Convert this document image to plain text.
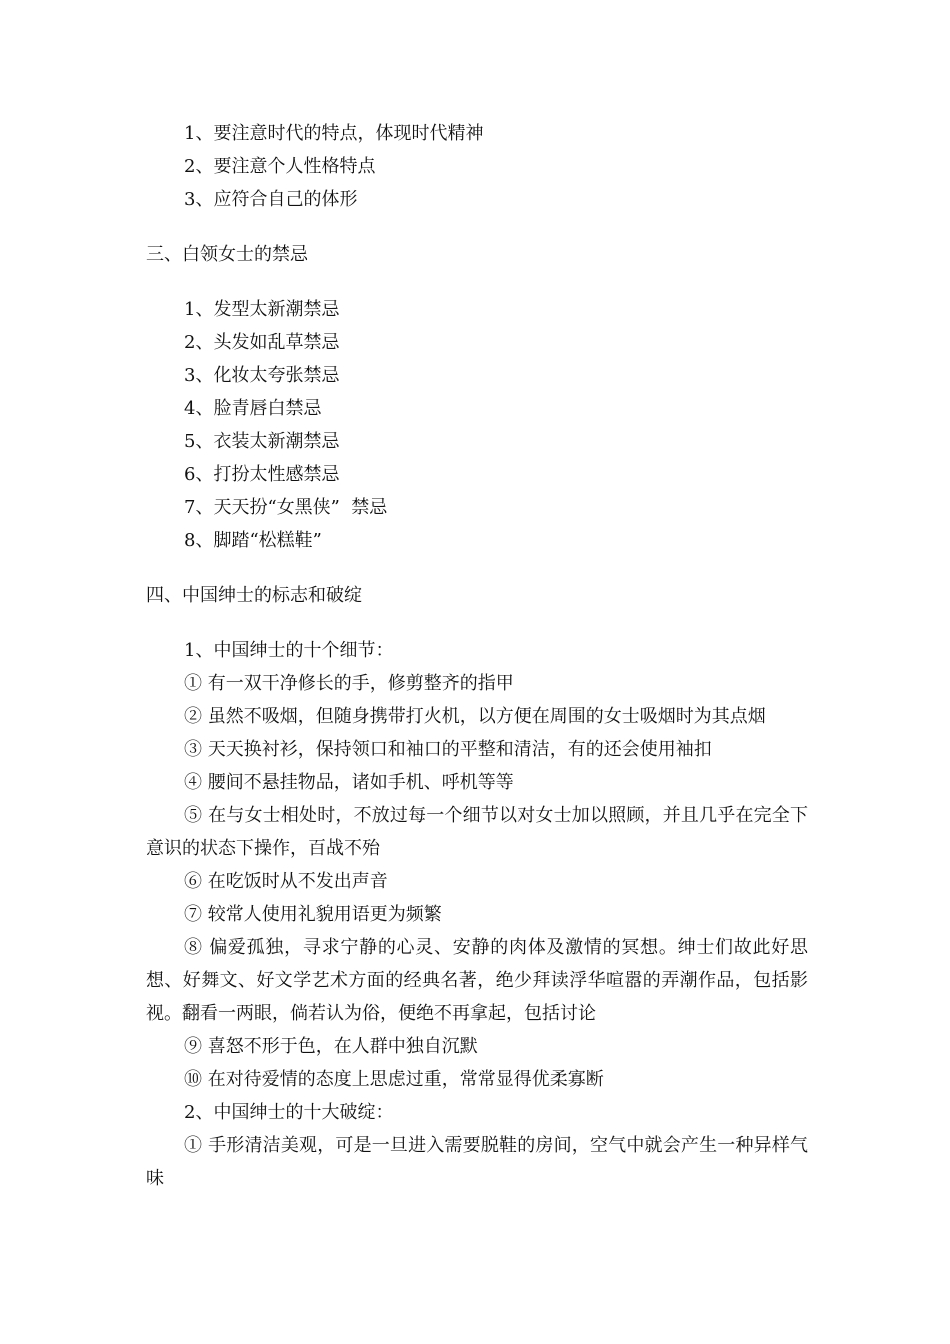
1、要注意时代的特点，体现时代精神
2、要注意个人性格特点
3、应符合自己的体形
三、白领女士的禁忌
1、发型太新潮禁忌
2、头发如乱草禁忌
3、化妆太夸张禁忌
4、脸青唇白禁忌
5、衣装太新潮禁忌
6、打扮太性感禁忌
7、天天扮“女黑侠”  禁忌
8、脚踏“松糕鞋”
四、中国绅士的标志和破绽
1、中国绅士的十个细节：

① 有一双干净修长的手，修剪整齐的指甲

② 虽然不吸烟，但随身携带打火机，以方便在周围的女士吸烟时为其点烟

③ 天天换衬衫，保持领口和袖口的平整和清洁，有的还会使用袖扣

④ 腰间不悬挂物品，诸如手机、呼机等等

⑤ 在与女士相处时，不放过每一个细节以对女士加以照顾，并且几乎在完全下意识的状态下操作，百战不殆

⑥ 在吃饭时从不发出声音

⑦ 较常人使用礼貌用语更为频繁

⑧ 偏爱孤独，寻求宁静的心灵、安静的肉体及激情的冥想。绅士们故此好思想、好舞文、好文学艺术方面的经典名著，绝少拜读浮华喧嚣的弄潮作品，包括影视。翻看一两眼，倘若认为俗，便绝不再拿起，包括讨论

⑨ 喜怒不形于色，在人群中独自沉默

⑩ 在对待爱情的态度上思虑过重，常常显得优柔寡断

2、中国绅士的十大破绽：

① 手形清洁美观，可是一旦进入需要脱鞋的房间，空气中就会产生一种异样气味
